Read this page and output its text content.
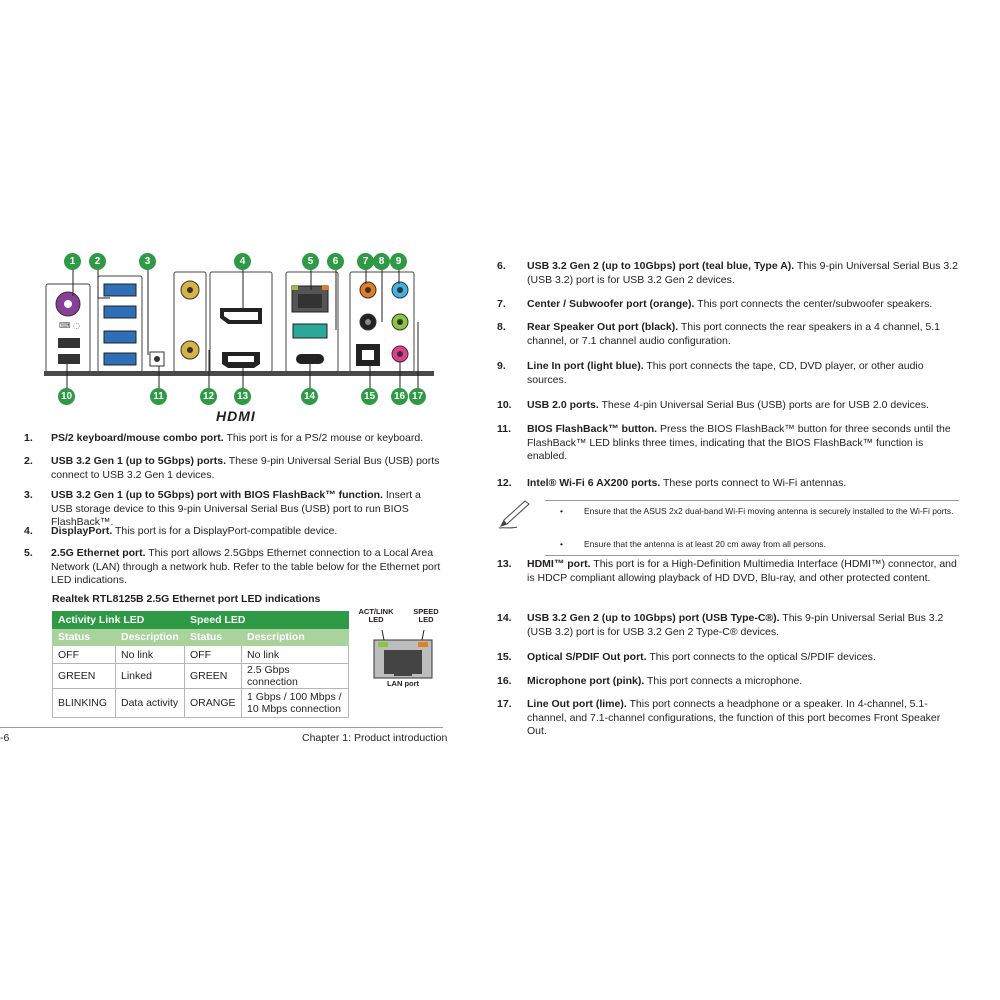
⌨ ◌
1	2	3	4	5	6	7	8	9
10	11	12 13	14	15 16 17
HDMI
1. PS/2 keyboard/mouse combo port. This port is for a PS/2 mouse or keyboard.
2. USB 3.2 Gen 1 (up to 5Gbps) ports. These 9-pin Universal Serial Bus (USB) ports connect to USB 3.2 Gen 1 devices.
3. USB 3.2 Gen 1 (up to 5Gbps) port with BIOS FlashBack™ function. Insert a USB storage device to this 9-pin Universal Serial Bus (USB) port to run BIOS FlashBack™.
4. DisplayPort. This port is for a DisplayPort-compatible device.
5. 2.5G Ethernet port. This port allows 2.5Gbps Ethernet connection to a Local Area Network (LAN) through a network hub. Refer to the table below for the Ethernet port LED indications.
Realtek RTL8125B 2.5G Ethernet port LED indications
Activity Link LED		Speed LED	
Status	Description	Status	Description
OFF	No link	OFF	No link
GREEN	Linked	GREEN	2.5 Gbps connection
BLINKING	Data activity	ORANGE	1 Gbps / 100 Mbps / 10 Mbps connection
ACT/LINK LED
SPEED LED
LAN port
-6	Chapter 1: Product introduction
6. USB 3.2 Gen 2 (up to 10Gbps) port (teal blue, Type A). This 9-pin Universal Serial Bus 3.2 (USB 3.2) port is for USB 3.2 Gen 2 devices.
7. Center / Subwoofer port (orange). This port connects the center/subwoofer speakers.
8. Rear Speaker Out port (black). This port connects the rear speakers in a 4 channel, 5.1 channel, or 7.1 channel audio configuration.
9. Line In port (light blue). This port connects the tape, CD, DVD player, or other audio sources.
10. USB 2.0 ports. These 4-pin Universal Serial Bus (USB) ports are for USB 2.0 devices.
11. BIOS FlashBack™ button. Press the BIOS FlashBack™ button for three seconds until the FlashBack™ LED blinks three times, indicating that the BIOS FlashBack™ function is enabled.
12. Intel® Wi-Fi 6 AX200 ports. These ports connect to Wi-Fi antennas.
13. HDMI™ port. This port is for a High-Definition Multimedia Interface (HDMI™) connector, and is HDCP compliant allowing playback of HD DVD, Blu-ray, and other protected content.
14. USB 3.2 Gen 2 (up to 10Gbps) port (USB Type-C®). This 9-pin Universal Serial Bus 3.2 (USB 3.2) port is for USB 3.2 Gen 2 Type-C® devices.
15. Optical S/PDIF Out port. This port connects to the optical S/PDIF devices.
16. Microphone port (pink). This port connects a microphone.
17. Line Out port (lime). This port connects a headphone or a speaker. In 4-channel, 5.1-channel, and 7.1-channel configurations, the function of this port becomes Front Speaker Out.
• Ensure that the ASUS 2x2 dual-band Wi-Fi moving antenna is securely installed to the Wi-Fi ports.
• Ensure that the antenna is at least 20 cm away from all persons.
